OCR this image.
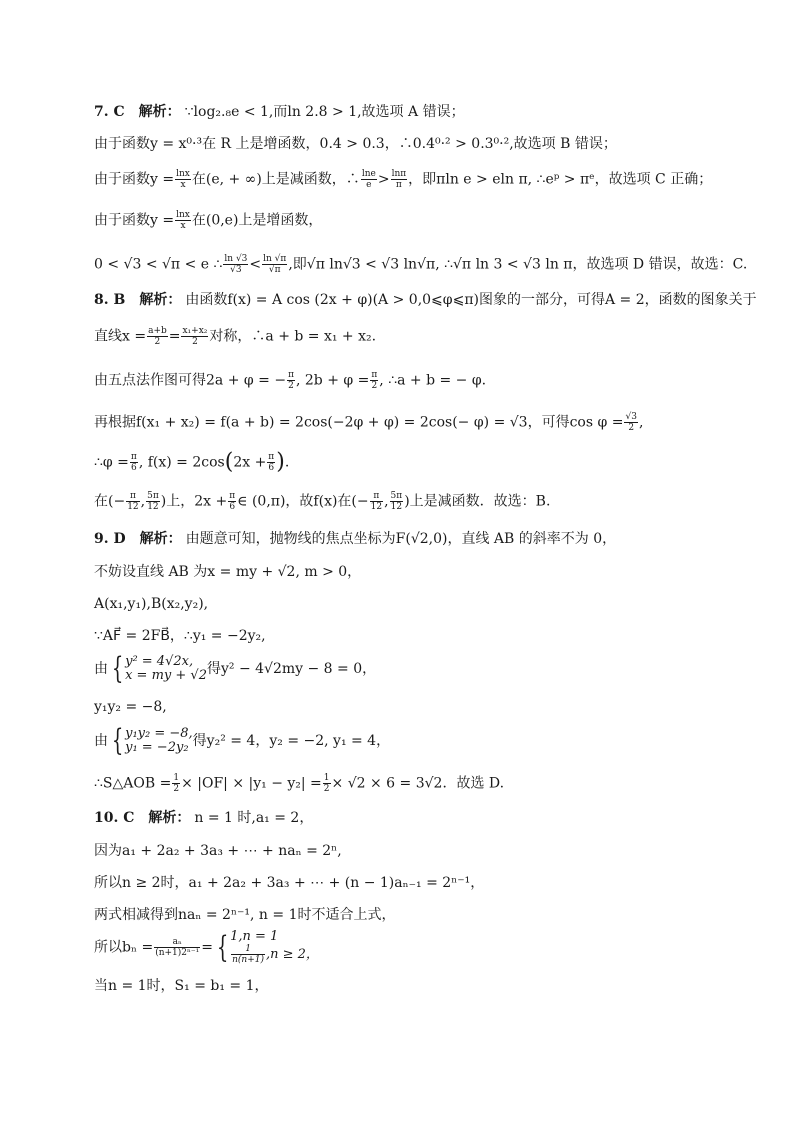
7. C 解析： ∵log₂.₈e < 1,而ln 2.8 > 1,故选项 A 错误；
由于函数y = x⁰·³在 R 上是增函数，0.4 > 0.3，∴0.4⁰·² > 0.3⁰·²,故选项 B 错误；
由于函数$y = \frac{\ln x}{x}$ 在(e, + ∞)上是减函数，∴ $\frac{\ln e}{e} > \frac{\ln\pi}{\pi}$ ，即πln e > eln π, ∴eᵖ > πᵉ，故选项 C 正确；
由于函数$y = \frac{\ln x}{x}$ 在(0,e)上是增函数，
0 < √3 < √π < e ∴ $\frac{\ln √3}{√3} < \frac{\ln √\pi}{√\pi}$ ,即√π ln√3 < √3 ln√π, ∴√π ln 3 < √3 ln π，故选项 D 错误，故选：C.
8. B 解析： 由函数f(x) = A cos (2x + φ)(A > 0,0⩽φ⩽π)图象的一部分，可得A = 2，函数的图象关于
直线$x = \frac{a+b}{2} = \frac{\text{x₁+x₂}}{2}$ 对称，∴a + b = x₁ + x₂.
由五点法作图可得2a + φ = − $\frac{\pi}{2}$ , $2b + \varphi = \frac{\pi}{2}$ , ∴a + b = − φ.
再根据f(x₁ + x₂) = f(a + b) = 2cos(−2φ + φ) = 2cos(− φ) = √3，可得$\cos \varphi = \frac{√3}{2}$ ,
∴φ = $\frac{\pi}{6}$ , $f(x) = 2\cos(2x + \frac{\pi}{6}$ ).
在(− $\frac{\pi}{12}$ , $\frac{5\pi}{12}$ )上，$2x + \frac{\pi}{6}$ ∈ (0,π)，故f(x)在(− $\frac{\pi}{12}$ , $\frac{5\pi}{12}$ )上是减函数．故选：B.
9. D 解析： 由题意可知，抛物线的焦点坐标为F(√2,0)，直线 AB 的斜率不为 0，
不妨设直线 AB 为x = my + √2, m > 0，
A(x₁,y₁),B(x₂,y₂),
∵AF⃗ = 2FB⃗，∴y₁ = −2y₂,
由 { y² = 4√2x,
x = my + √2 得y² − 4√2my − 8 = 0，
y₁y₂ = −8,
由 { y₁y₂ = −8,
y₁ = −2y₂ 得y₂² = 4，y₂ = −2, y₁ = 4，
∴S△AOB = $\frac{1}{2} \times |OF| \times |y_1 - y_2| = \frac{1}{2} \times √2 \times 6 = 3√2$．故选 D.
10. C 解析： n = 1 时,a₁ = 2，
因为a₁ + 2a₂ + 3a₃ + ⋯ + naₙ = 2ⁿ,
所以n ≥ 2时，a₁ + 2a₂ + 3a₃ + ⋯ + (n − 1)aₙ₋₁ = 2ⁿ⁻¹，
两式相减得到naₙ = 2ⁿ⁻¹, n = 1时不适合上式，
所以$b_n = \frac{\text{aₙ}}{\text{(n+1)2ⁿ⁻¹}}$ = { 1,n = 1
$\frac{1}{n(n+1)} ,n \ge 2$，
当n = 1时，S₁ = b₁ = 1，
